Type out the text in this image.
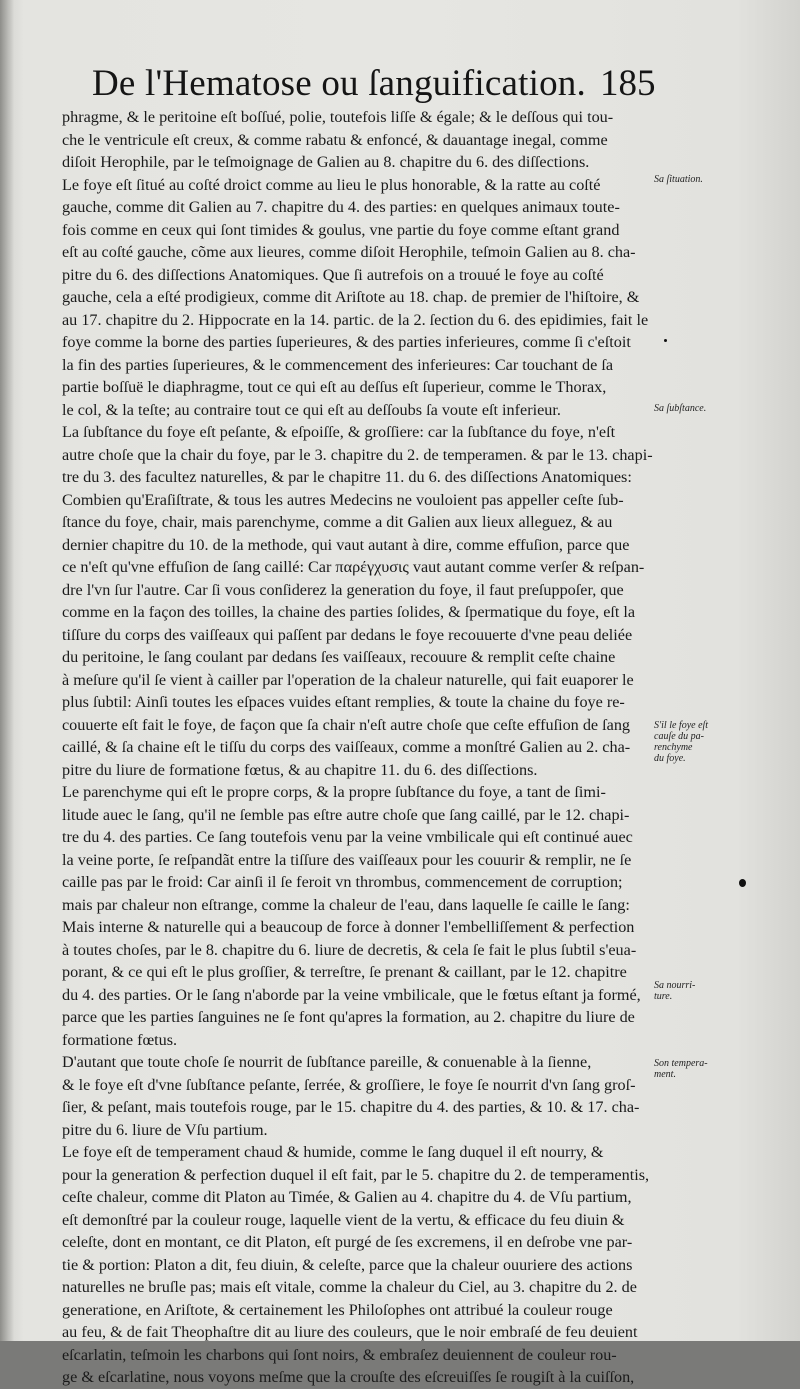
De l'Hematose ou ſanguification. 185
phragme, & le peritoine eſt boſſué, polie, toutefois liſſe & égale; & le deſſous qui tou-
che le ventricule eſt creux, & comme rabatu & enfoncé, & dauantage inegal, comme
diſoit Herophile, par le teſmoignage de Galien au 8. chapitre du 6. des diſſections.
Le foye eſt ſitué au coſté droict comme au lieu le plus honorable, & la ratte au coſté
gauche, comme dit Galien au 7. chapitre du 4. des parties: en quelques animaux toute-
fois comme en ceux qui ſont timides & goulus, vne partie du foye comme eſtant grand
eſt au coſté gauche, cõme aux lieures, comme diſoit Herophile, teſmoin Galien au 8. cha-
pitre du 6. des diſſections Anatomiques. Que ſi autrefois on a trouué le foye au coſté
gauche, cela a eſté prodigieux, comme dit Ariſtote au 18. chap. de premier de l'hiſtoire, &
au 17. chapitre du 2. Hippocrate en la 14. partic. de la 2. ſection du 6. des epidimies, fait le
foye comme la borne des parties ſuperieures, & des parties inferieures, comme ſi c'eſtoit
la fin des parties ſuperieures, & le commencement des inferieures: Car touchant de ſa
partie boſſuë le diaphragme, tout ce qui eſt au deſſus eſt ſuperieur, comme le Thorax,
le col, & la teſte; au contraire tout ce qui eſt au deſſoubs ſa voute eſt inferieur.
La ſubſtance du foye eſt peſante, & eſpoiſſe, & groſſiere: car la ſubſtance du foye, n'eſt
autre choſe que la chair du foye, par le 3. chapitre du 2. de temperamen. & par le 13. chapi-
tre du 3. des facultez naturelles, & par le chapitre 11. du 6. des diſſections Anatomiques:
Combien qu'Eraſiſtrate, & tous les autres Medecins ne vouloient pas appeller ceſte ſub-
ſtance du foye, chair, mais parenchyme, comme a dit Galien aux lieux alleguez, & au
dernier chapitre du 10. de la methode, qui vaut autant à dire, comme effuſion, parce que
ce n'eſt qu'vne effuſion de ſang caillé: Car παρέγχυσις vaut autant comme verſer & reſpan-
dre l'vn ſur l'autre. Car ſi vous conſiderez la generation du foye, il faut preſuppoſer, que
comme en la façon des toilles, la chaine des parties ſolides, & ſpermatique du foye, eſt la
tiſſure du corps des vaiſſeaux qui paſſent par dedans le foye recouuerte d'vne peau deliée
du peritoine, le ſang coulant par dedans ſes vaiſſeaux, recouure & remplit ceſte chaine
à meſure qu'il ſe vient à cailler par l'operation de la chaleur naturelle, qui fait euaporer le
plus ſubtil: Ainſi toutes les eſpaces vuides eſtant remplies, & toute la chaine du foye re-
couuerte eſt fait le foye, de façon que ſa chair n'eſt autre choſe que ceſte effuſion de ſang
caillé, & ſa chaine eſt le tiſſu du corps des vaiſſeaux, comme a monſtré Galien au 2. cha-
pitre du liure de formatione fœtus, & au chapitre 11. du 6. des diſſections.
Le parenchyme qui eſt le propre corps, & la propre ſubſtance du foye, a tant de ſimi-
litude auec le ſang, qu'il ne ſemble pas eſtre autre choſe que ſang caillé, par le 12. chapi-
tre du 4. des parties. Ce ſang toutefois venu par la veine vmbilicale qui eſt continué auec
la veine porte, ſe reſpandãt entre la tiſſure des vaiſſeaux pour les couurir & remplir, ne ſe
caille pas par le froid: Car ainſi il ſe feroit vn thrombus, commencement de corruption;
mais par chaleur non eſtrange, comme la chaleur de l'eau, dans laquelle ſe caille le ſang:
Mais interne & naturelle qui a beaucoup de force à donner l'embelliſſement & perfection
à toutes choſes, par le 8. chapitre du 6. liure de decretis, & cela ſe fait le plus ſubtil s'eua-
porant, & ce qui eſt le plus groſſier, & terreſtre, ſe prenant & caillant, par le 12. chapitre
du 4. des parties. Or le ſang n'aborde par la veine vmbilicale, que le fœtus eſtant ja formé,
parce que les parties ſanguines ne ſe font qu'apres la formation, au 2. chapitre du liure de
formatione fœtus.
D'autant que toute choſe ſe nourrit de ſubſtance pareille, & conuenable à la ſienne,
& le foye eſt d'vne ſubſtance peſante, ſerrée, & groſſiere, le foye ſe nourrit d'vn ſang groſ-
ſier, & peſant, mais toutefois rouge, par le 15. chapitre du 4. des parties, & 10. & 17. cha-
pitre du 6. liure de Vſu partium.
Le foye eſt de temperament chaud & humide, comme le ſang duquel il eſt nourry, &
pour la generation & perfection duquel il eſt fait, par le 5. chapitre du 2. de temperamentis,
ceſte chaleur, comme dit Platon au Timée, & Galien au 4. chapitre du 4. de Vſu partium,
eſt demonſtré par la couleur rouge, laquelle vient de la vertu, & efficace du feu diuin &
celeſte, dont en montant, ce dit Platon, eſt purgé de ſes excremens, il en deſrobe vne par-
tie & portion: Platon a dit, feu diuin, & celeſte, parce que la chaleur ouuriere des actions
naturelles ne bruſle pas; mais eſt vitale, comme la chaleur du Ciel, au 3. chapitre du 2. de
generatione, en Ariſtote, & certainement les Philoſophes ont attribué la couleur rouge
au feu, & de fait Theophaſtre dit au liure des couleurs, que le noir embraſé de feu deuient
eſcarlatin, teſmoin les charbons qui ſont noirs, & embraſez deuiennent de couleur rou-
ge & eſcarlatine, nous voyons meſme que la crouſte des eſcreuiſſes ſe rougiſt à la cuiſſon,
Sa ſituation.
Sa ſubſtance.
S'il le foye eſt
cauſe du pa-
renchyme
du foye.
Sa nourri-
ture.
Son tempera-
ment.
